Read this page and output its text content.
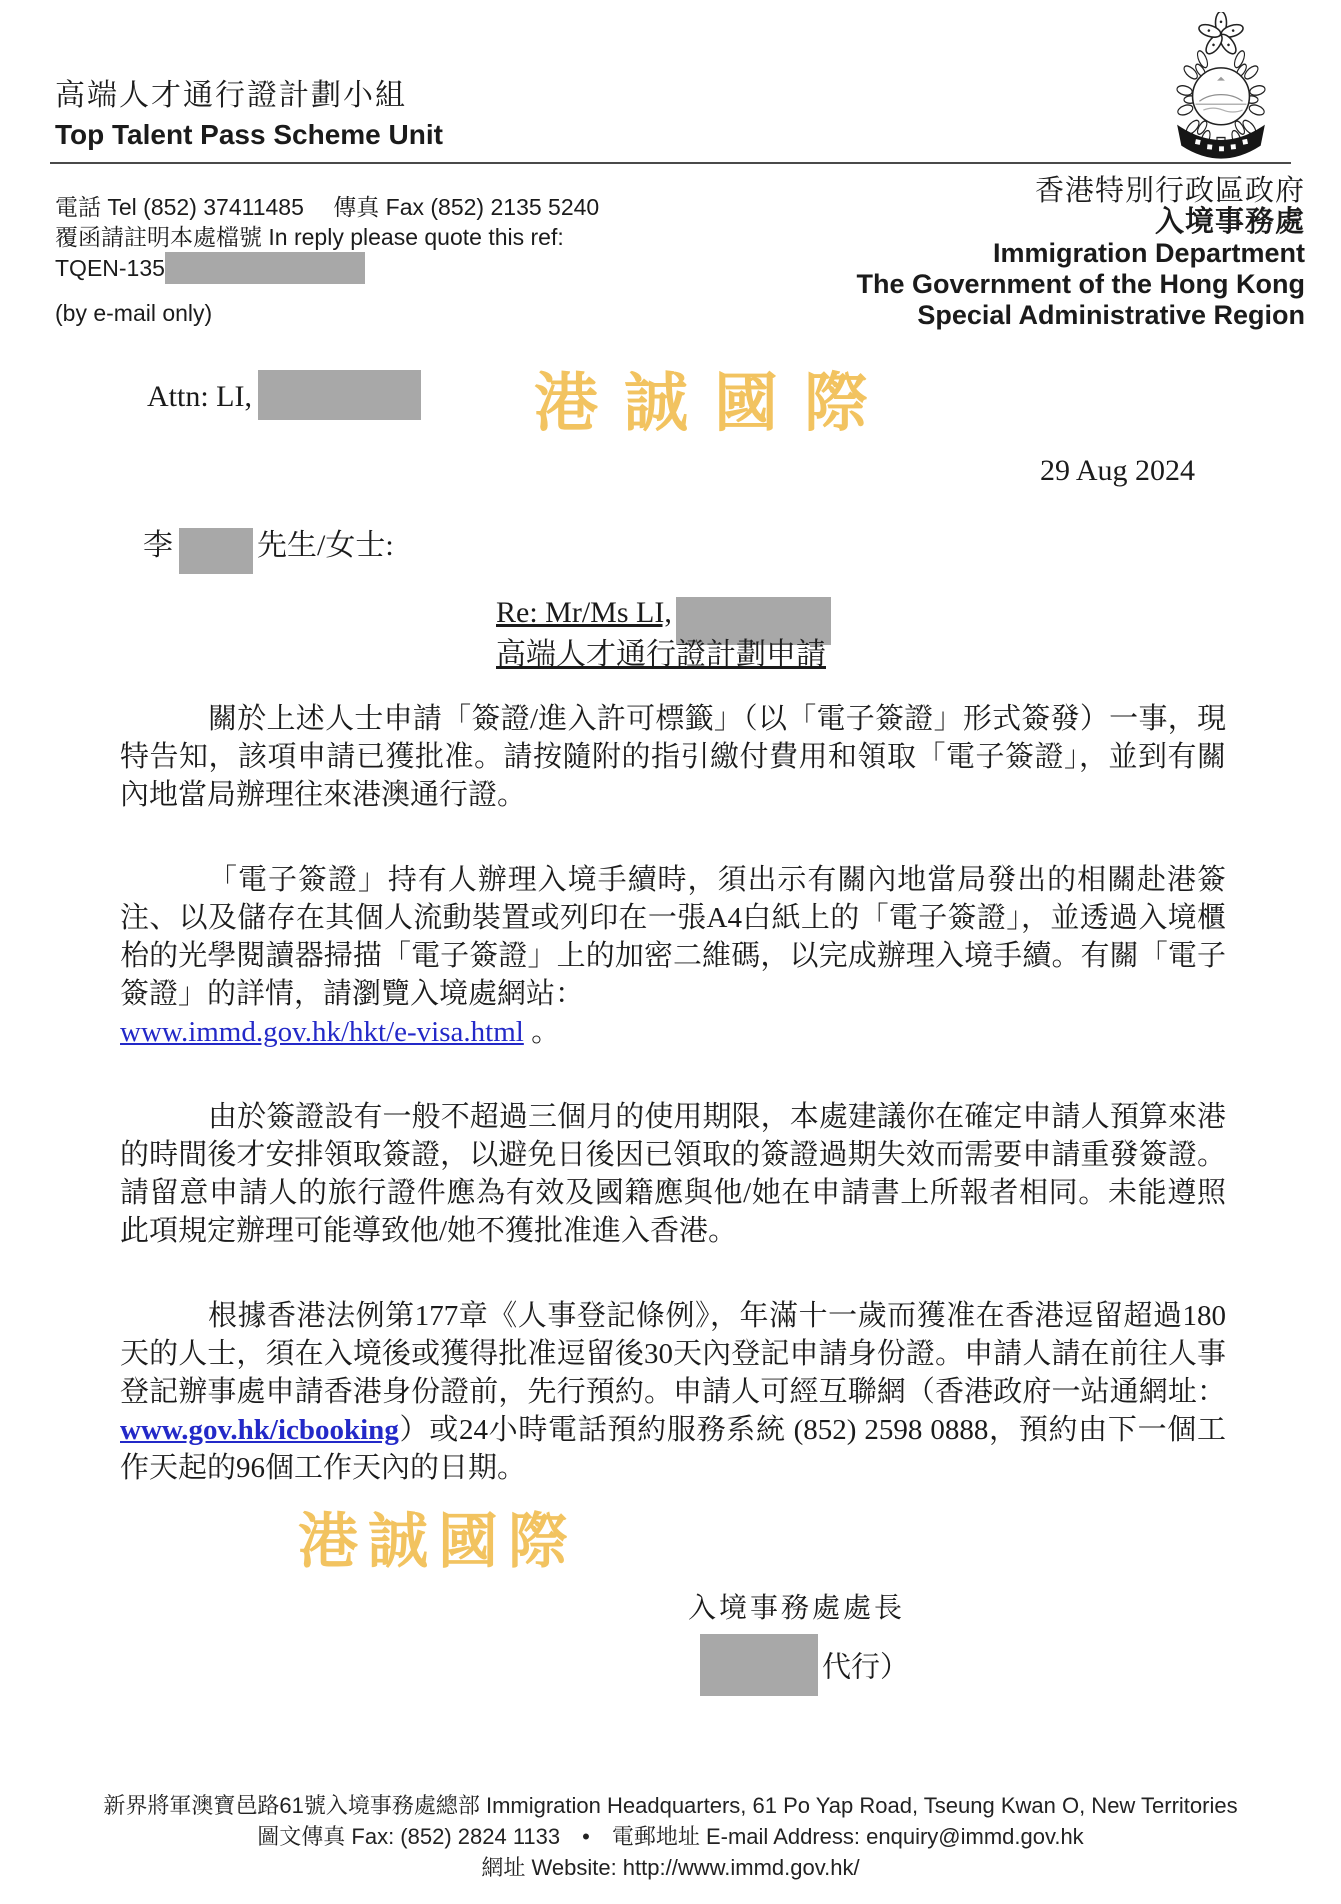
高端人才通行證計劃小組
Top Talent Pass Scheme Unit
電話 Tel (852) 37411485　 傳真 Fax (852) 2135 5240
覆函請註明本處檔號 In reply please quote this ref:
TQEN-135
香港特別行政區政府
入境事務處
Immigration Department
The Government of the Hong Kong
Special Administrative Region
(by e-mail only)
Attn: LI,	港誠國際
29 Aug 2024
李	先生/女士:
Re: Mr/Ms LI,
高端人才通行證計劃申請

關於上述人士申請「簽證/進入許可標籤」（以「電子簽證」形式簽發）一事，現特告知，該項申請已獲批准。請按隨附的指引繳付費用和領取「電子簽證」，並到有關內地當局辦理往來港澳通行證。

「電子簽證」持有人辦理入境手續時，須出示有關內地當局發出的相關赴港簽注、以及儲存在其個人流動裝置或列印在一張A4白紙上的「電子簽證」，並透過入境櫃枱的光學閱讀器掃描「電子簽證」上的加密二維碼，以完成辦理入境手續。有關「電子簽證」的詳情，請瀏覽入境處網站：
www.immd.gov.hk/hkt/e-visa.html 。

由於簽證設有一般不超過三個月的使用期限，本處建議你在確定申請人預算來港的時間後才安排領取簽證，以避免日後因已領取的簽證過期失效而需要申請重發簽證。請留意申請人的旅行證件應為有效及國籍應與他/她在申請書上所報者相同。未能遵照此項規定辦理可能導致他/她不獲批准進入香港。

根據香港法例第177章《人事登記條例》，年滿十一歲而獲准在香港逗留超過180天的人士，須在入境後或獲得批准逗留後30天內登記申請身份證。申請人請在前往人事登記辦事處申請香港身份證前，先行預約。申請人可經互聯網（香港政府一站通網址：www.gov.hk/icbooking）或24小時電話預約服務系統 (852) 2598 0888，預約由下一個工作天起的96個工作天內的日期。

港誠國際
入境事務處處長
代行）
新界將軍澳寶邑路61號入境事務處總部 Immigration Headquarters, 61 Po Yap Road, Tseung Kwan O, New Territories
圖文傳真 Fax: (852) 2824 1133　•　電郵地址 E-mail Address: enquiry@immd.gov.hk
網址 Website: http://www.immd.gov.hk/
